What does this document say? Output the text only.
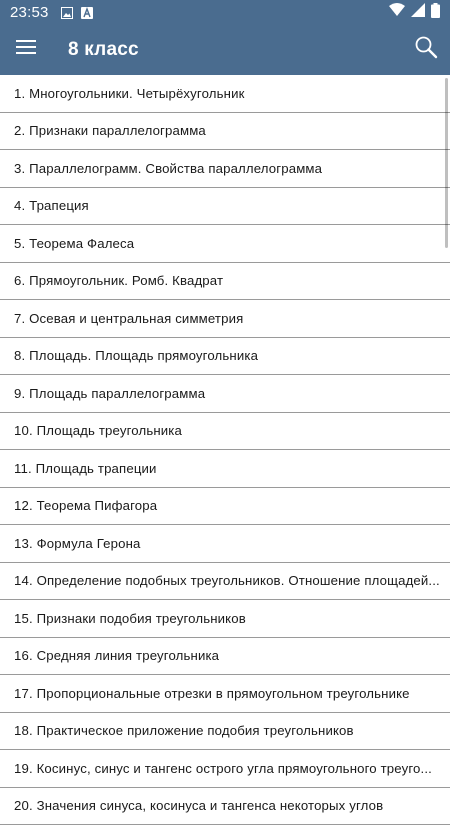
23:53
8 класс
1. Многоугольники. Четырёхугольник
2. Признаки параллелограмма
3. Параллелограмм. Свойства параллелограмма
4. Трапеция
5. Теорема Фалеса
6. Прямоугольник. Ромб. Квадрат
7. Осевая и центральная симметрия
8. Площадь. Площадь прямоугольника
9. Площадь параллелограмма
10. Площадь треугольника
11. Площадь трапеции
12. Теорема Пифагора
13. Формула Герона
14. Определение подобных треугольников. Отношение площадей...
15. Признаки подобия треугольников
16. Средняя линия треугольника
17. Пропорциональные отрезки в прямоугольном треугольнике
18. Практическое приложение подобия треугольников
19. Косинус, синус и тангенс острого угла прямоугольного треуго...
20. Значения синуса, косинуса и тангенса некоторых углов
